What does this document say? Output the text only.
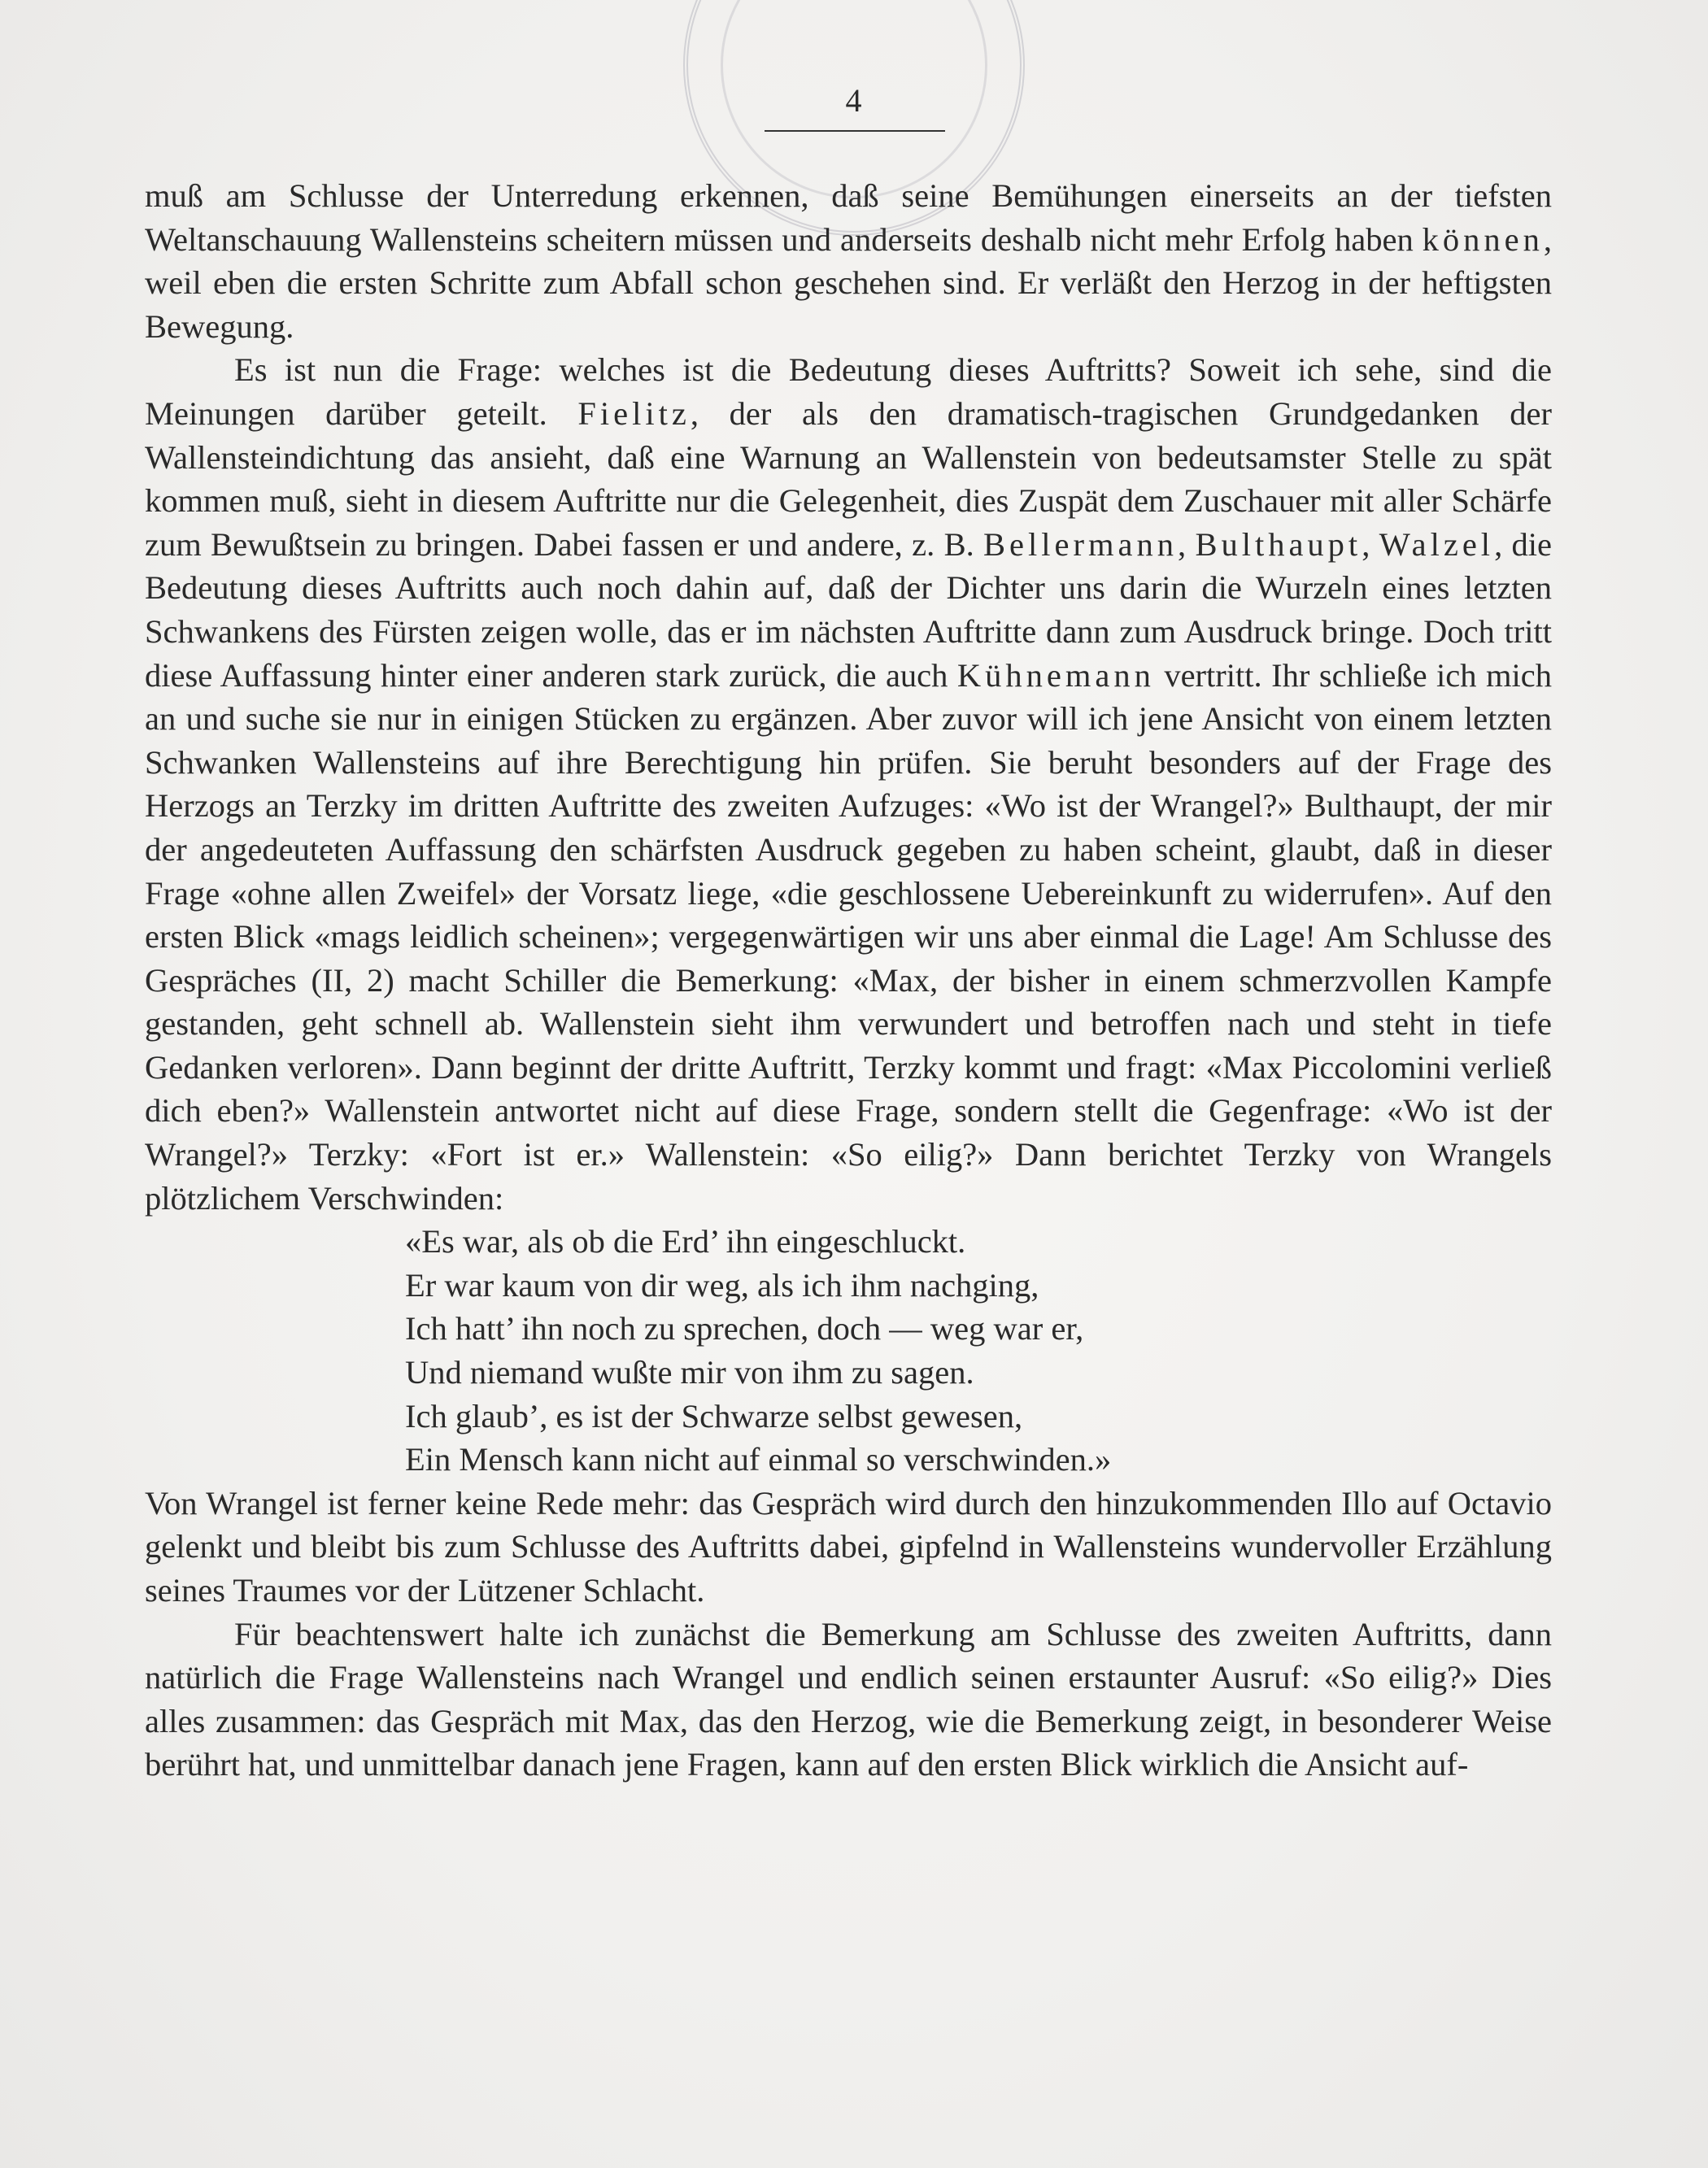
4

muß am Schlusse der Unterredung erkennen, daß seine Bemühungen einerseits an der tiefsten Weltanschauung Wallensteins scheitern müssen und anderseits deshalb nicht mehr Erfolg haben können, weil eben die ersten Schritte zum Abfall schon geschehen sind. Er verläßt den Herzog in der heftigsten Bewegung.

Es ist nun die Frage: welches ist die Bedeutung dieses Auftritts? Soweit ich sehe, sind die Meinungen darüber geteilt. Fielitz, der als den dramatisch-tragischen Grundgedanken der Wallensteindichtung das ansieht, daß eine Warnung an Wallenstein von bedeutsamster Stelle zu spät kommen muß, sieht in diesem Auftritte nur die Gelegenheit, dies Zuspät dem Zuschauer mit aller Schärfe zum Bewußtsein zu bringen. Dabei fassen er und andere, z. B. Bellermann, Bulthaupt, Walzel, die Bedeutung dieses Auftritts auch noch dahin auf, daß der Dichter uns darin die Wurzeln eines letzten Schwankens des Fürsten zeigen wolle, das er im nächsten Auftritte dann zum Ausdruck bringe. Doch tritt diese Auffassung hinter einer anderen stark zurück, die auch Kühnemann vertritt. Ihr schließe ich mich an und suche sie nur in einigen Stücken zu ergänzen. Aber zuvor will ich jene Ansicht von einem letzten Schwanken Wallensteins auf ihre Berechtigung hin prüfen. Sie beruht besonders auf der Frage des Herzogs an Terzky im dritten Auftritte des zweiten Aufzuges: «Wo ist der Wrangel?» Bulthaupt, der mir der angedeuteten Auffassung den schärfsten Ausdruck gegeben zu haben scheint, glaubt, daß in dieser Frage «ohne allen Zweifel» der Vorsatz liege, «die geschlossene Uebereinkunft zu widerrufen». Auf den ersten Blick «mags leidlich scheinen»; vergegenwärtigen wir uns aber einmal die Lage! Am Schlusse des Gespräches (II, 2) macht Schiller die Bemerkung: «Max, der bisher in einem schmerzvollen Kampfe gestanden, geht schnell ab. Wallenstein sieht ihm verwundert und betroffen nach und steht in tiefe Gedanken verloren». Dann beginnt der dritte Auftritt, Terzky kommt und fragt: «Max Piccolomini verließ dich eben?» Wallenstein antwortet nicht auf diese Frage, sondern stellt die Gegenfrage: «Wo ist der Wrangel?» Terzky: «Fort ist er.» Wallenstein: «So eilig?» Dann berichtet Terzky von Wrangels plötzlichem Verschwinden:

«Es war, als ob die Erd’ ihn eingeschluckt.
Er war kaum von dir weg, als ich ihm nachging,
Ich hatt’ ihn noch zu sprechen, doch — weg war er,
Und niemand wußte mir von ihm zu sagen.
Ich glaub’, es ist der Schwarze selbst gewesen,
Ein Mensch kann nicht auf einmal so verschwinden.»

Von Wrangel ist ferner keine Rede mehr: das Gespräch wird durch den hinzukommenden Illo auf Octavio gelenkt und bleibt bis zum Schlusse des Auftritts dabei, gipfelnd in Wallensteins wundervoller Erzählung seines Traumes vor der Lützener Schlacht.

Für beachtenswert halte ich zunächst die Bemerkung am Schlusse des zweiten Auftritts, dann natürlich die Frage Wallensteins nach Wrangel und endlich seinen erstaunter Ausruf: «So eilig?» Dies alles zusammen: das Gespräch mit Max, das den Herzog, wie die Bemerkung zeigt, in besonderer Weise berührt hat, und unmittelbar danach jene Fragen, kann auf den ersten Blick wirklich die Ansicht auf-
